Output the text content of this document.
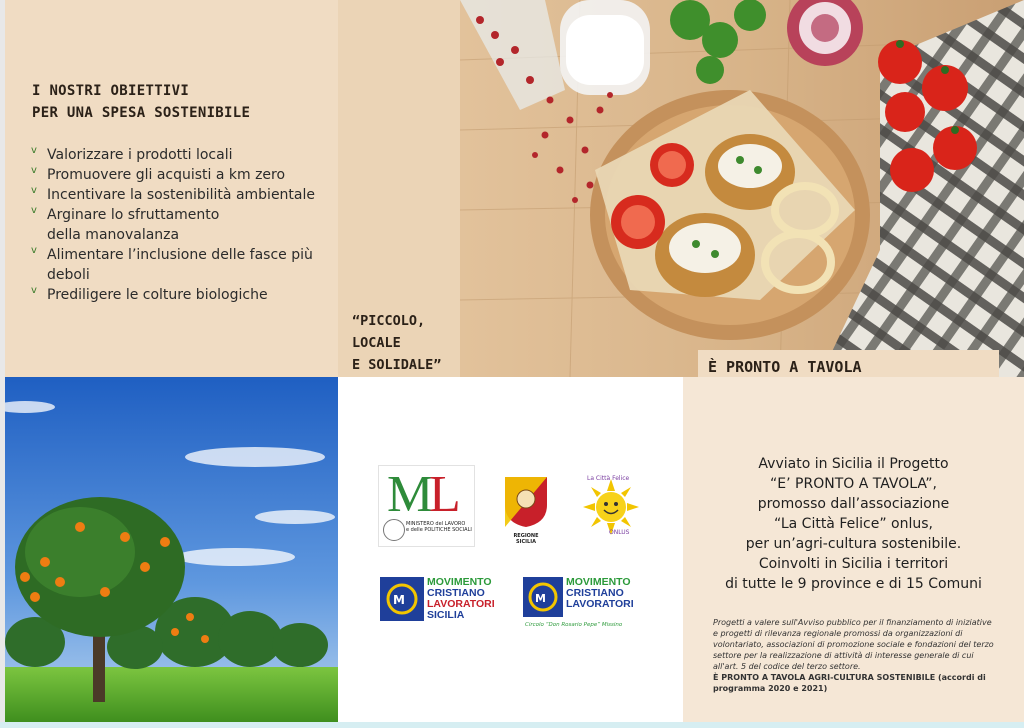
I NOSTRI OBIETTIVI
PER UNA SPESA SOSTENIBILE
v Valorizzare i prodotti locali
v Promuovere gli acquisti a km zero
v Incentivare la sostenibilità ambientale
v Arginare lo sfruttamento della manovalanza
v Alimentare l’inclusione delle fasce più deboli
v Prediligere le colture biologiche
“PICCOLO,
LOCALE
E SOLIDALE”	È PRONTO A TAVOLA
M
L
MINISTERO del LAVORO
e delle POLITICHE SOCIALI
REGIONE SICILIA
La Città Felice
ONLUS
M
MOVIMENTO
CRISTIANO
LAVORATORI
SICILIA
M
MOVIMENTO
CRISTIANO
LAVORATORI
Circolo “Don Rosario Pepe” Missino
Avviato in Sicilia il Progetto
“E’ PRONTO A TAVOLA”,
promosso dall’associazione
“La Città Felice” onlus,
per un’agri-cultura sostenibile.
Coinvolti in Sicilia i territori
di tutte le 9 province e di 15 Comuni
Progetti a valere sull'Avviso pubblico per il finanziamento di iniziative e progetti di rilevanza regionale promossi da organizzazioni di volontariato, associazioni di promozione sociale e fondazioni del terzo settore per la realizzazione di attività di interesse generale di cui all'art. 5 del codice del terzo settore.
È PRONTO A TAVOLA AGRI-CULTURA SOSTENIBILE (accordi di programma 2020 e 2021)
